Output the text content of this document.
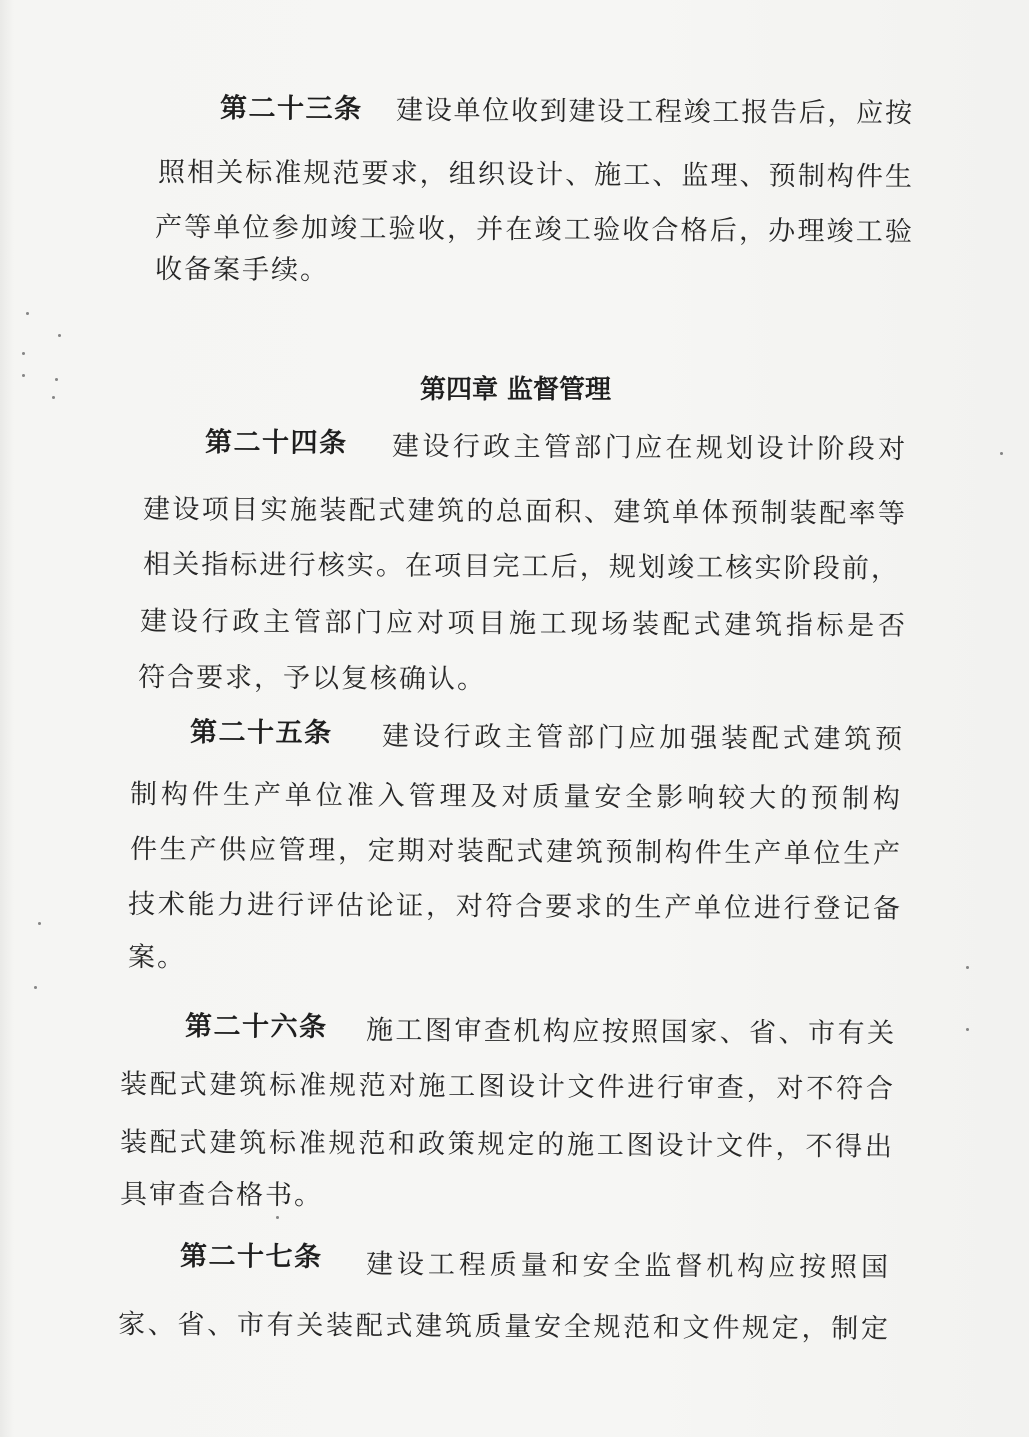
第二十三条 建设单位收到建设工程竣工报告后，应按
照相关标准规范要求，组织设计、施工、监理、预制构件生
产等单位参加竣工验收，并在竣工验收合格后，办理竣工验
收备案手续。
第四章 监督管理
第二十四条 建设行政主管部门应在规划设计阶段对
建设项目实施装配式建筑的总面积、建筑单体预制装配率等
相关指标进行核实。在项目完工后，规划竣工核实阶段前，
建设行政主管部门应对项目施工现场装配式建筑指标是否
符合要求，予以复核确认。
第二十五条 建设行政主管部门应加强装配式建筑预
制构件生产单位准入管理及对质量安全影响较大的预制构
件生产供应管理，定期对装配式建筑预制构件生产单位生产
技术能力进行评估论证，对符合要求的生产单位进行登记备
案。
第二十六条 施工图审查机构应按照国家、省、市有关
装配式建筑标准规范对施工图设计文件进行审查，对不符合
装配式建筑标准规范和政策规定的施工图设计文件，不得出
具审查合格书。
第二十七条 建设工程质量和安全监督机构应按照国
家、省、市有关装配式建筑质量安全规范和文件规定，制定
